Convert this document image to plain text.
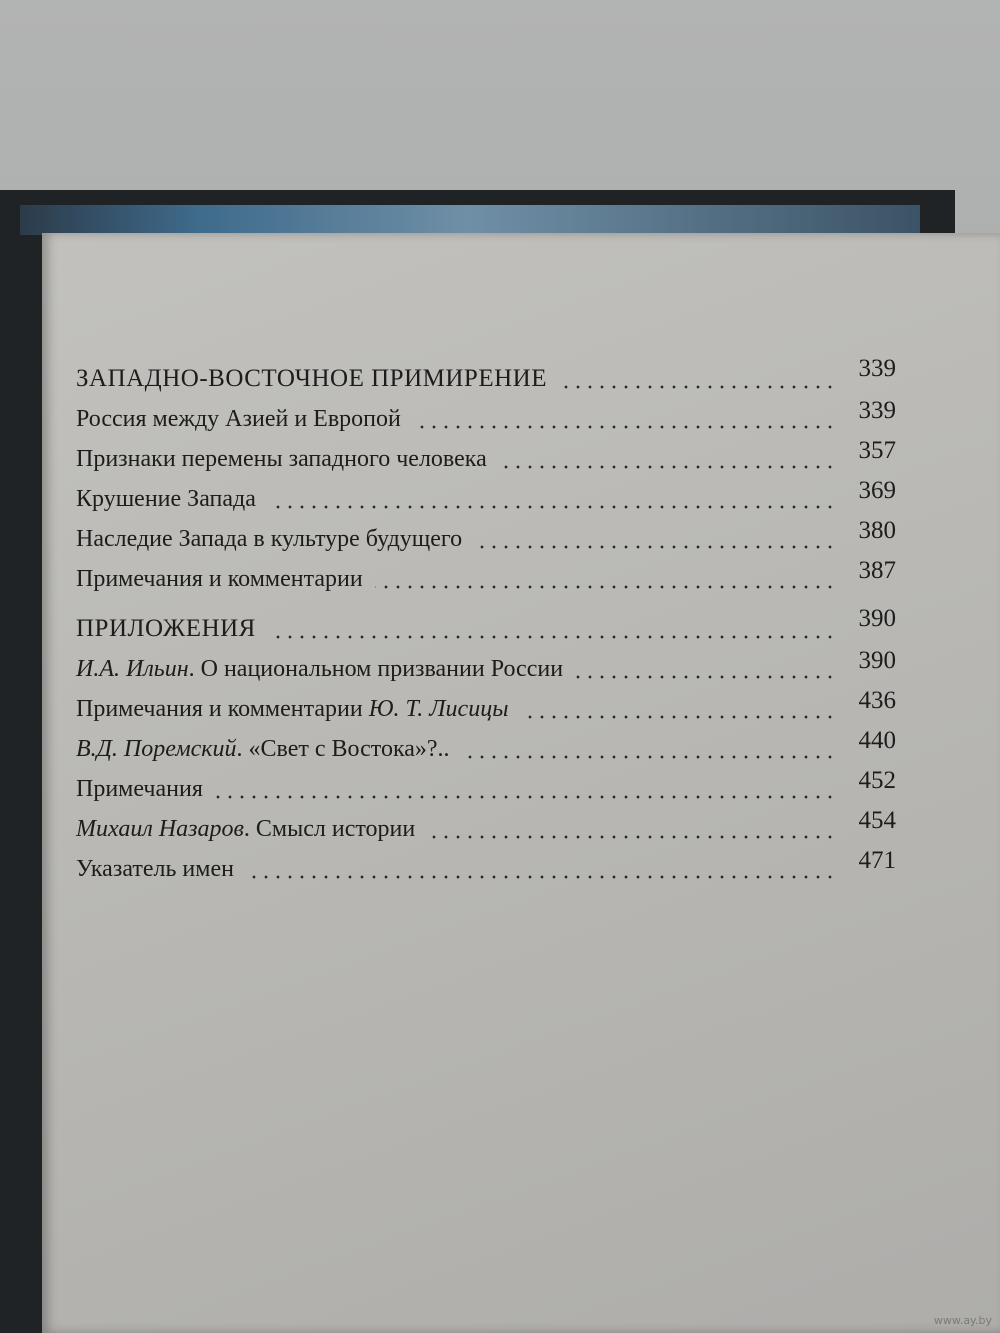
ЗАПАДНО-ВОСТОЧНОЕ ПРИМИРЕНИЕ	339
Россия между Азией и Европой	339
Признаки перемены западного человека	357
Крушение Запада	369
Наследие Запада в культуре будущего	380
Примечания и комментарии	387
ПРИЛОЖЕНИЯ	390
И.А. Ильин. О национальном призвании России	390
Примечания и комментарии Ю. Т. Лисицы	436
В.Д. Поремский. «Свет с Востока»?..	440
Примечания	452
Михаил Назаров. Смысл истории	454
Указатель имен	471
www.ay.by
